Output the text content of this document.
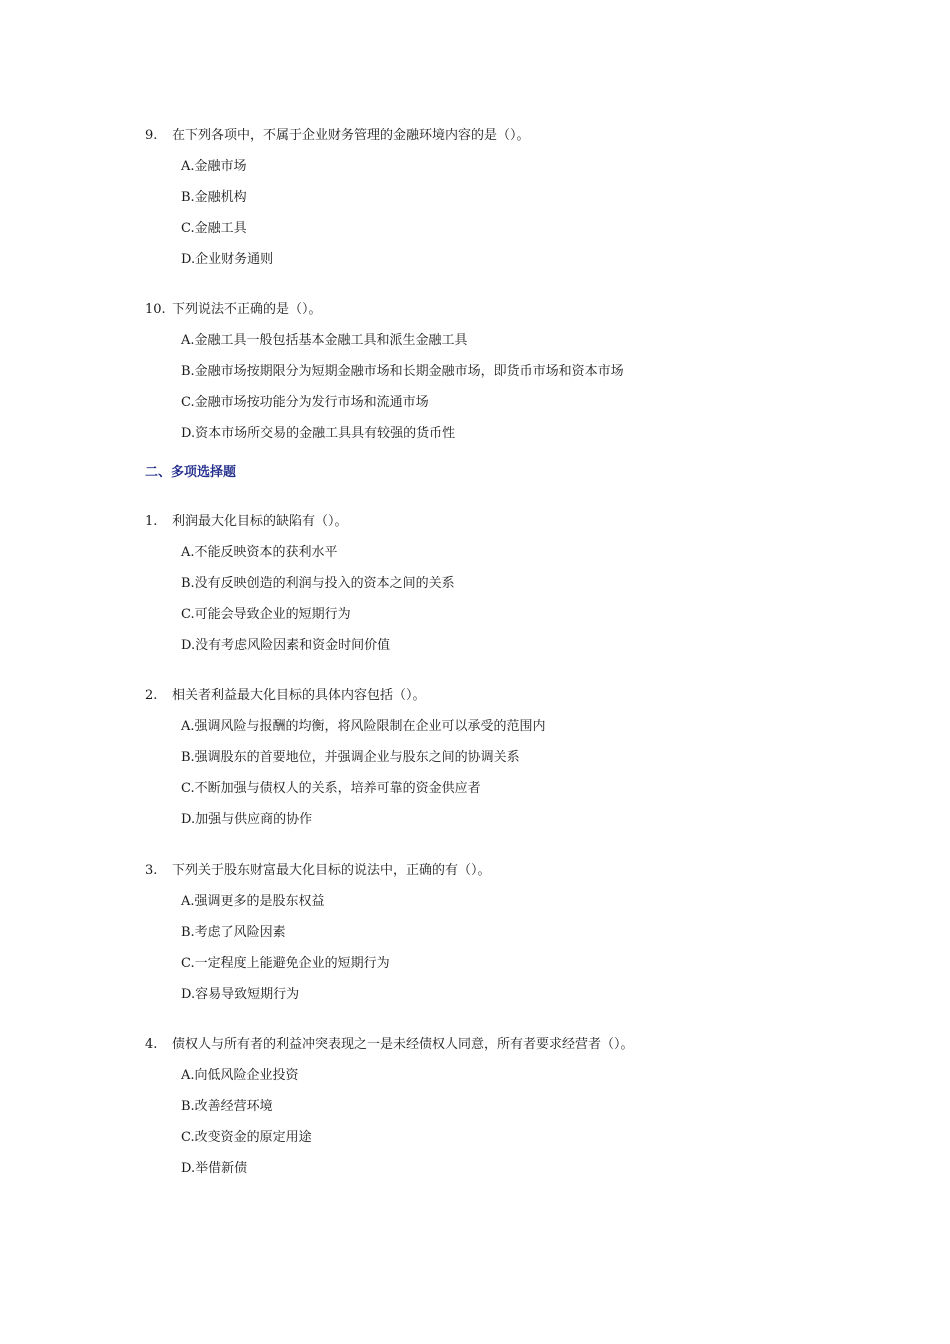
9. 在下列各项中，不属于企业财务管理的金融环境内容的是（）。
A.金融市场
B.金融机构
C.金融工具
D.企业财务通则
10. 下列说法不正确的是（）。
A.金融工具一般包括基本金融工具和派生金融工具
B.金融市场按期限分为短期金融市场和长期金融市场，即货币市场和资本市场
C.金融市场按功能分为发行市场和流通市场
D.资本市场所交易的金融工具具有较强的货币性
二、多项选择题
1. 利润最大化目标的缺陷有（）。
A.不能反映资本的获利水平
B.没有反映创造的利润与投入的资本之间的关系
C.可能会导致企业的短期行为
D.没有考虑风险因素和资金时间价值
2. 相关者利益最大化目标的具体内容包括（）。
A.强调风险与报酬的均衡，将风险限制在企业可以承受的范围内
B.强调股东的首要地位，并强调企业与股东之间的协调关系
C.不断加强与债权人的关系，培养可靠的资金供应者
D.加强与供应商的协作
3. 下列关于股东财富最大化目标的说法中，正确的有（）。
A.强调更多的是股东权益
B.考虑了风险因素
C.一定程度上能避免企业的短期行为
D.容易导致短期行为
4. 债权人与所有者的利益冲突表现之一是未经债权人同意，所有者要求经营者（）。
A.向低风险企业投资
B.改善经营环境
C.改变资金的原定用途
D.举借新债
